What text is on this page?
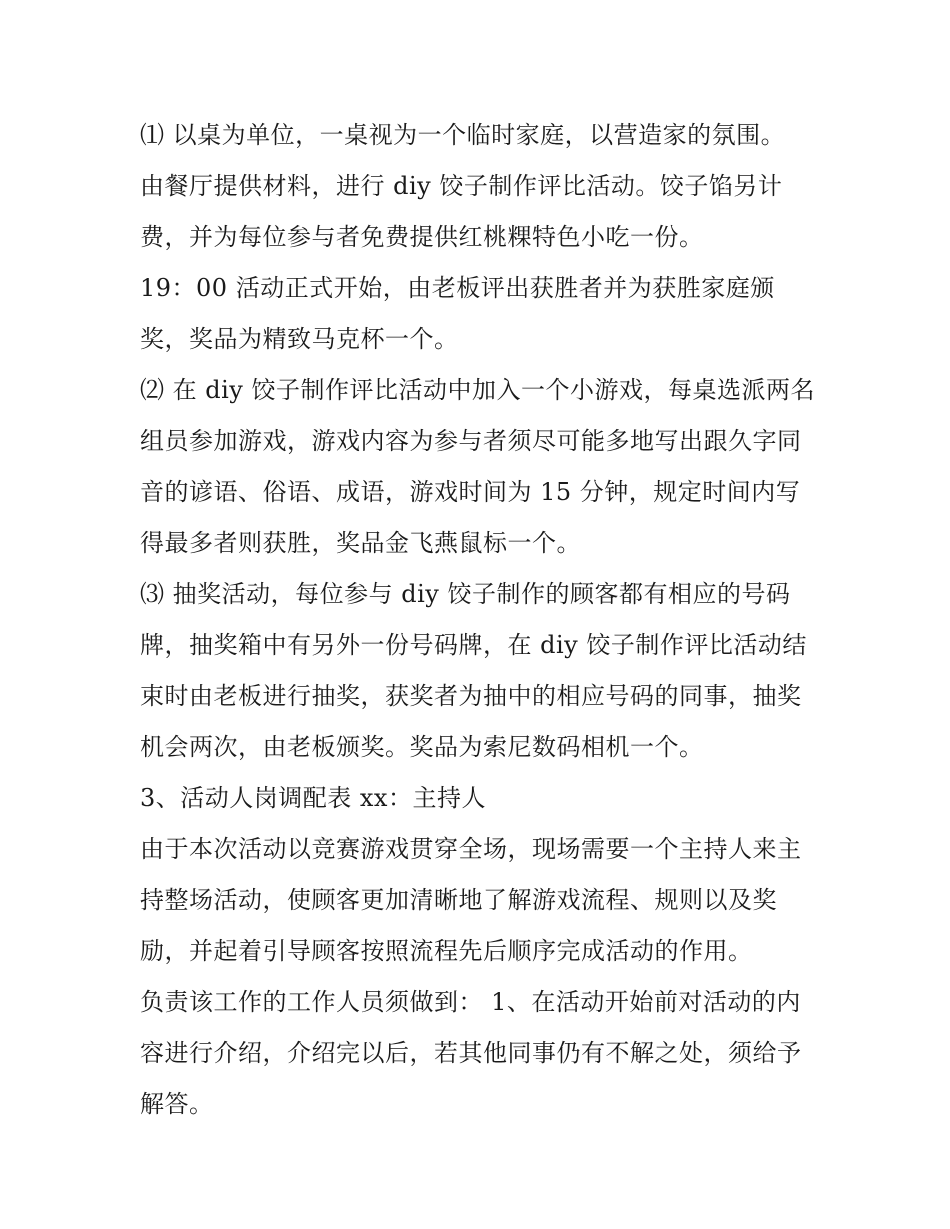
⑴ 以桌为单位，一桌视为一个临时家庭，以营造家的氛围。
由餐厅提供材料，进行 diy 饺子制作评比活动。饺子馅另计
费，并为每位参与者免费提供红桃粿特色小吃一份。
19：00 活动正式开始，由老板评出获胜者并为获胜家庭颁
奖，奖品为精致马克杯一个。
⑵ 在 diy 饺子制作评比活动中加入一个小游戏，每桌选派两名
组员参加游戏，游戏内容为参与者须尽可能多地写出跟久字同
音的谚语、俗语、成语，游戏时间为 15 分钟，规定时间内写
得最多者则获胜，奖品金飞燕鼠标一个。
⑶ 抽奖活动，每位参与 diy 饺子制作的顾客都有相应的号码
牌，抽奖箱中有另外一份号码牌，在 diy 饺子制作评比活动结
束时由老板进行抽奖，获奖者为抽中的相应号码的同事，抽奖
机会两次，由老板颁奖。奖品为索尼数码相机一个。
3、活动人岗调配表 xx：主持人
由于本次活动以竞赛游戏贯穿全场，现场需要一个主持人来主
持整场活动，使顾客更加清晰地了解游戏流程、规则以及奖
励，并起着引导顾客按照流程先后顺序完成活动的作用。
负责该工作的工作人员须做到： 1、在活动开始前对活动的内
容进行介绍，介绍完以后，若其他同事仍有不解之处，须给予
解答。
